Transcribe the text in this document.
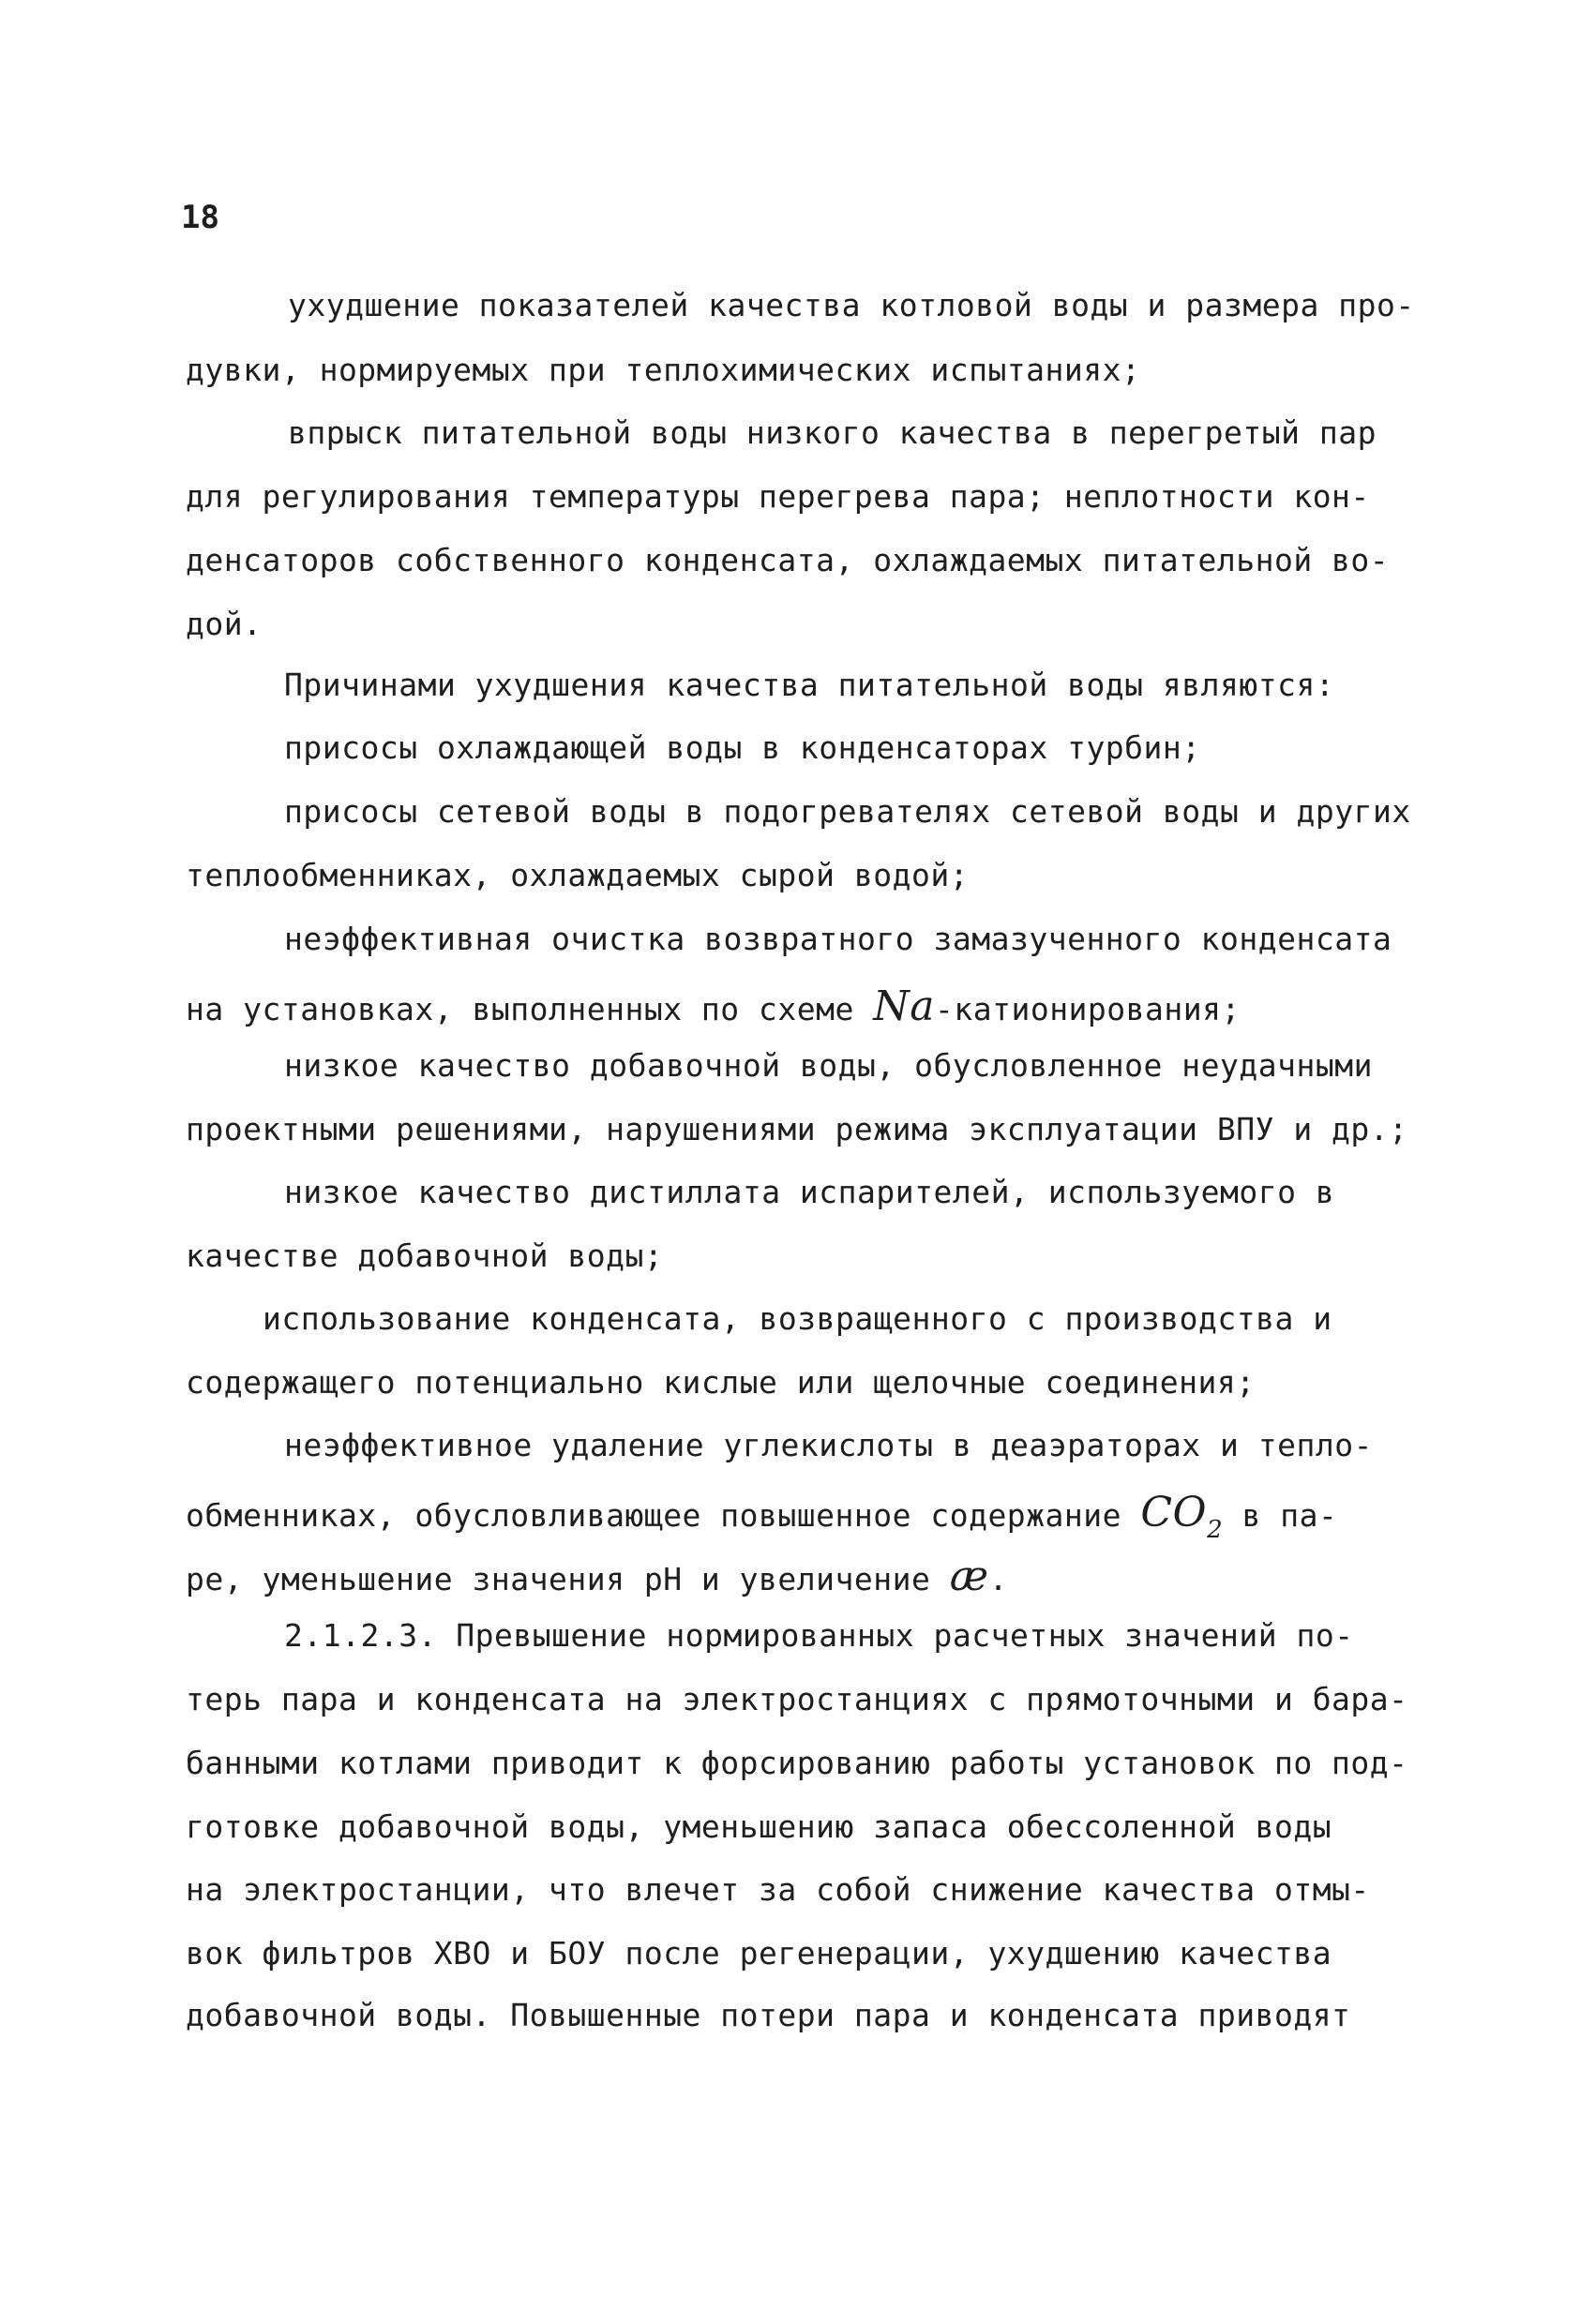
18
ухудшение показателей качества котловой воды и размера про-
дувки, нормируемых при теплохимических испытаниях;
впрыск питательной воды низкого качества в перегретый пар
для регулирования температуры перегрева пара; неплотности кон-
денсаторов собственного конденсата, охлаждаемых питательной во-
дой.
Причинами ухудшения качества питательной воды являются:
присосы охлаждающей воды в конденсаторах турбин;
присосы сетевой воды в подогревателях сетевой воды и других
теплообменниках, охлаждаемых сырой водой;
неэффективная очистка возвратного замазученного конденсата
на установках, выполненных по схеме Na-катионирования;
низкое качество добавочной воды, обусловленное неудачными
проектными решениями, нарушениями режима эксплуатации ВПУ и др.;
низкое качество дистиллата испарителей, используемого в
качестве добавочной воды;
использование конденсата, возвращенного с производства и
содержащего потенциально кислые или щелочные соединения;
неэффективное удаление углекислоты в деаэраторах и тепло-
обменниках, обусловливающее повышенное содержание $CO_2$ в па-
ре, уменьшение значения рН и увеличение æ.
2.1.2.3. Превышение нормированных расчетных значений по-
терь пара и конденсата на электростанциях с прямоточными и бара-
банными котлами приводит к форсированию работы установок по под-
готовке добавочной воды, уменьшению запаса обессоленной воды
на электростанции, что влечет за собой снижение качества отмы-
вок фильтров ХВО и БОУ после регенерации, ухудшению качества
добавочной воды. Повышенные потери пара и конденсата приводят
